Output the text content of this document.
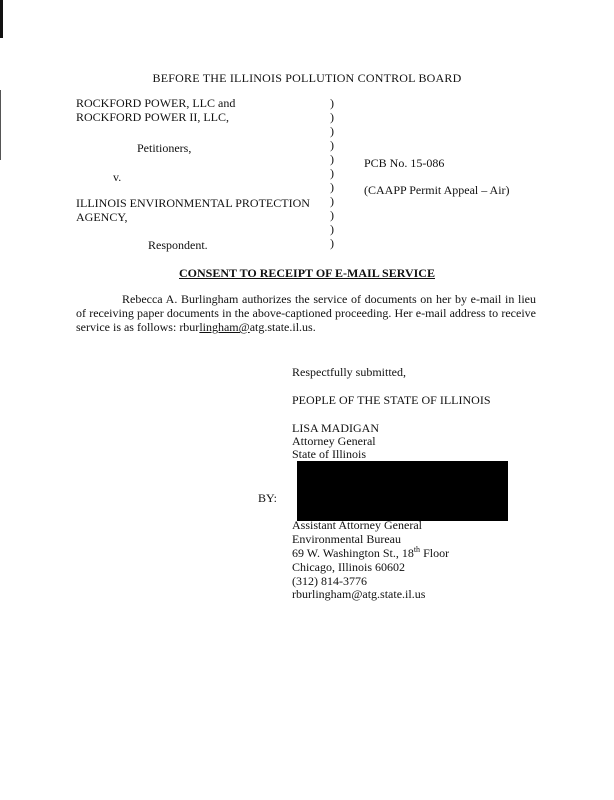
BEFORE THE ILLINOIS POLLUTION CONTROL BOARD
ROCKFORD POWER, LLC and
ROCKFORD POWER II, LLC,
Petitioners,
v.
ILLINOIS ENVIRONMENTAL PROTECTION
AGENCY,
Respondent.
)
)
)
)
)
)
)
)
)
)
)
PCB No. 15-086
(CAAPP Permit Appeal – Air)
CONSENT TO RECEIPT OF E-MAIL SERVICE
Rebecca A. Burlingham authorizes the service of documents on her by e-mail in lieu of receiving paper documents in the above-captioned proceeding. Her e-mail address to receive service is as follows: rburlingham@atg.state.il.us.
Respectfully submitted,
PEOPLE OF THE STATE OF ILLINOIS
LISA MADIGAN
Attorney General
State of Illinois
BY:
Assistant Attorney General
Environmental Bureau
69 W. Washington St., 18th Floor
Chicago, Illinois 60602
(312) 814-3776
rburlingham@atg.state.il.us
